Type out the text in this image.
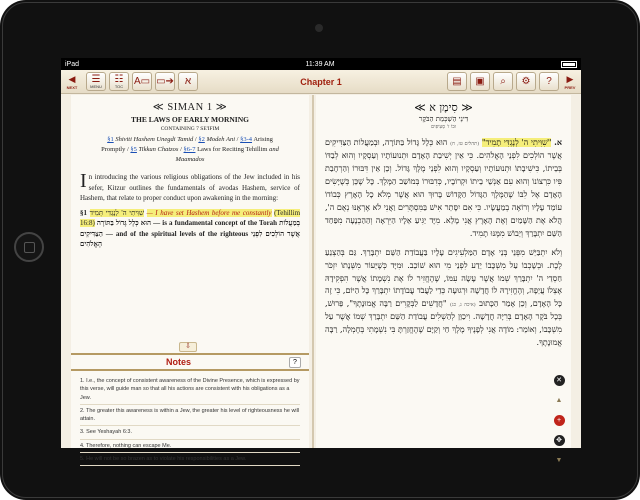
iPad	11:39 AM
◀
NEXT
☰
MENU
☷
TOC A▭ ▭➔ א	Chapter 1	▤ ▣ ⌕ ⚙ ? ▶
PREV
≪ SIMAN 1 ≫
THE LAWS OF EARLY MORNING
CONTAINING 7 SE'IFIM
§1 Shiviti Hashem Unegdi Tamid / §2 Modeh Ani / §3-4 Arising Promptly / §5 Tikkun Chatzos / §6-7 Laws for Reciting Tehillim and Maamados
In introducing the various religious obligations of the Jew included in his sefer, Kitzur outlines the fundamentals of avodas Hashem, service of Hashem, that relate to proper conduct upon awakening in the morning:
§1 שִׁוִּיתִי ה' לְנֶגְדִּי תָּמִיד — I have set Hashem before me constantly (Tehillim 16:8) הוּא כְּלָל גָּדוֹל בַּתּוֹרָה — is a fundamental concept of the Torah בְּמַעֲלוֹת הַצַּדִּיקִים — and of the spiritual levels of the righteous אֲשֶׁר הוֹלְכִים לִפְנֵי הָאֱלֹהִים
⇩
Notes	?
1. I.e., the concept of consistent awareness of the Divine Presence, which is expressed by this verse, will guide man so that all his actions are consistent with his obligations as a Jew.
2. The greater this awareness is within a Jew, the greater his level of righteousness he will attain.
3. See Yeshayah 6:3.
4. Therefore, nothing can escape Me.
5. He will not be so brazen as to violate his responsibilities as a Jew.
≪ סִימָן א ≫
דִּינֵי הַשְׁכָּמַת הַבֹּקֶר
וּבוֹ ז' סְעִיפִים
א. "שִׁוִּיתִי ה' לְנֶגְדִּי תָמִיד" (תהלים טז, ח) הוּא כְּלָל גָּדוֹל בַּתּוֹרָה, וּבְמַעֲלוֹת הַצַּדִּיקִים אֲשֶׁר הוֹלְכִים לִפְנֵי הָאֱלֹהִים. כִּי אֵין יְשִׁיבַת הָאָדָם וּתְנוּעוֹתָיו וְעַסְקָיו וְהוּא לְבַדּוֹ בְּבֵיתוֹ, כִּישִׁיבָתוֹ וּתְנוּעוֹתָיו וְעַסְקָיו וְהוּא לִפְנֵי מֶלֶךְ גָּדוֹל. וְכֵן אֵין דִּבּוּרוֹ וְהַרְחָבַת פִּיו כִּרְצוֹנוֹ וְהוּא עִם אַנְשֵׁי בֵיתוֹ וּקְרוֹבָיו, כְּדִבּוּרוֹ בְּמוֹשַׁב הַמֶּלֶךְ. כָּל שֶׁכֵּן כְּשֶׁיָּשִׂים הָאָדָם אֶל לִבּוֹ שֶׁהַמֶּלֶךְ הַגָּדוֹל הַקָּדוֹשׁ בָּרוּךְ הוּא אֲשֶׁר מְלֹא כָל הָאָרֶץ כְּבוֹדוֹ עוֹמֵד עָלָיו וְרוֹאֶה בְמַעֲשָׂיו. כִּי אִם יִסָּתֵר אִישׁ בַּמִּסְתָּרִים וַאֲנִי לֹא אֶרְאֶנּוּ נְאֻם ה', הֲלֹא אֶת הַשָּׁמַיִם וְאֶת הָאָרֶץ אֲנִי מָלֵא. מִיָּד יַגִּיעַ אֵלָיו הַיִּרְאָה וְהַהַכְנָעָה מִפַּחַד הַשֵּׁם יִתְבָּרַךְ וְיֵבוֹשׁ מִמֶּנּוּ תָמִיד.
וְלֹא יִתְבַּיֵּשׁ מִפְּנֵי בְּנֵי אָדָם הַמַּלְעִיגִים עָלָיו בַּעֲבוֹדַת הַשֵּׁם יִתְבָּרַךְ. גַּם בְּהַצְנֵעַ לֶכֶת. וּבְשָׁכְבוֹ עַל מִשְׁכָּבוֹ יֵדַע לִפְנֵי מִי הוּא שׁוֹכֵב. וּמִיָּד כְּשֶׁיֵּעוֹר מִשְּׁנָתוֹ יִזְכֹּר חַסְדֵי ה' יִתְבָּרַךְ שְׁמוֹ אֲשֶׁר עָשָׂה עִמּוֹ, שֶׁהֶחֱזִיר לוֹ אֶת נִשְׁמָתוֹ אֲשֶׁר הִפְקִידָהּ אֶצְלוֹ עֲיֵפָה, וְהֶחֱזִירָהּ לוֹ חֲדָשָׁה וּרְגוּעָה כְּדֵי לַעֲבֹד עֲבוֹדָתוֹ יִתְבָּרַךְ כָּל הַיּוֹם, כִּי זֶה כָּל הָאָדָם, וְכֵן אָמַר הַכָּתוּב (איכה ג, כג) "חֲדָשִׁים לַבְּקָרִים רַבָּה אֱמוּנָתֶךָ", פֵּרוּשׁ, בְּכָל בֹּקֶר הָאָדָם בְּרִיָּה חֲדָשָׁה. וִיכַוֵּן לְהַשְׁלִים עֲבוֹדַת הַשֵּׁם יִתְבָּרַךְ שְׁמוֹ אֲשֶׁר עַל מִשְׁכָּבוֹ, וְאוֹמֵר: מוֹדֶה אֲנִי לְפָנֶיךָ מֶלֶךְ חַי וְקַיָּם שֶׁהֶחֱזַרְתָּ בִּי נִשְׁמָתִי בְּחֶמְלָה, רַבָּה אֱמוּנָתֶךָ.
✕
▲
+
✥
▼
